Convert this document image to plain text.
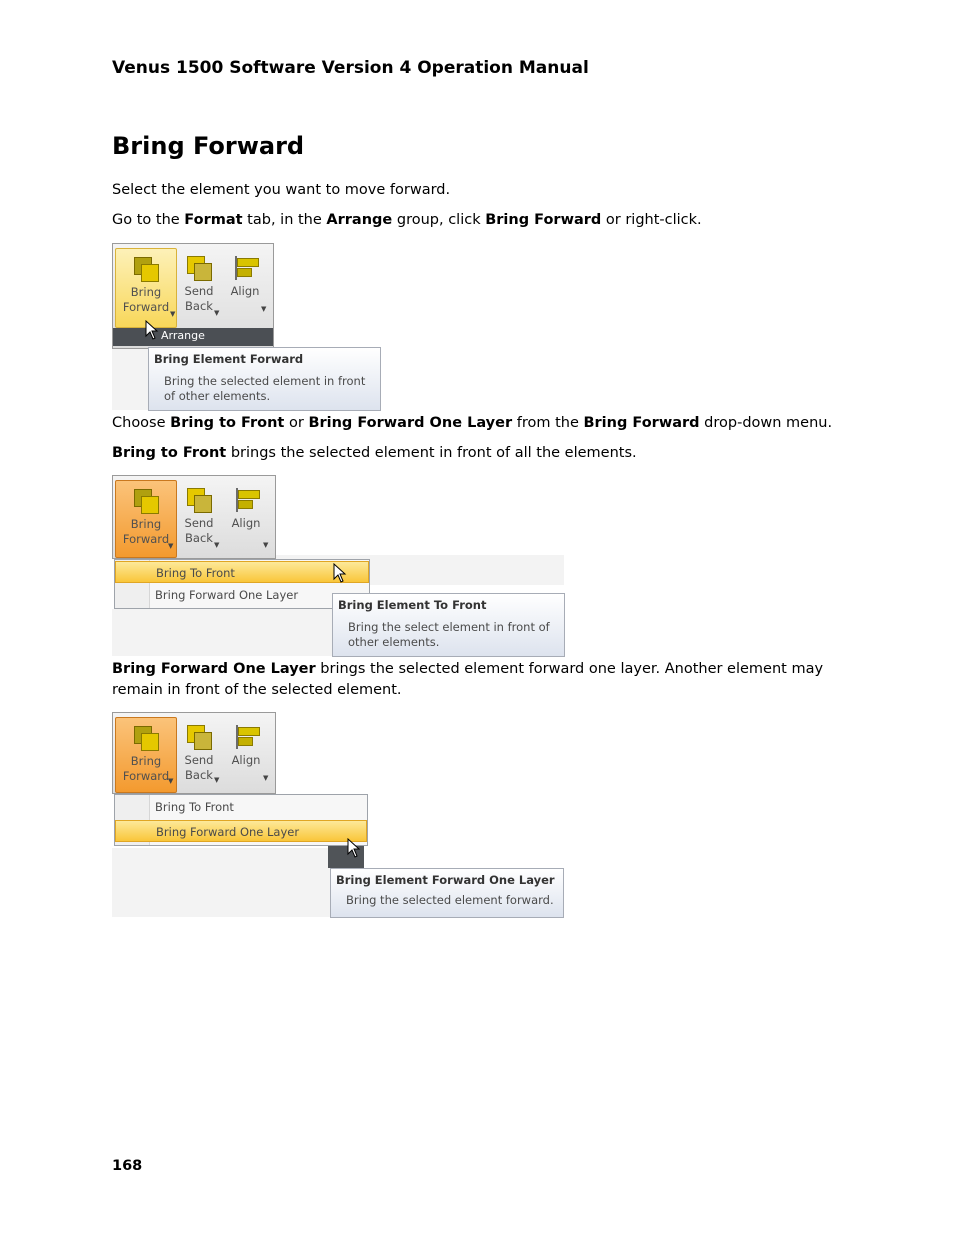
Venus 1500 Software Version 4 Operation Manual
Bring Forward
Select the element you want to move forward.
Go to the Format tab, in the Arrange group, click Bring Forward or right-click.
Bring
Forward ▼
Send
Back ▼
Align
▼
Arrange
Bring Element Forward
Bring the selected element in front of other elements.
Choose Bring to Front or Bring Forward One Layer from the Bring Forward drop-down menu.
Bring to Front brings the selected element in front of all the elements.
Bring
Forward
▼
Send
Back ▼
Align
▼
Bring To Front
Bring Forward One Layer
Bring Element To Front
Bring the select element in front of other elements.
Bring Forward One Layer brings the selected element forward one layer. Another element may remain in front of the selected element.
Bring
Forward
▼
Send
Back ▼
Align
▼
Bring To Front
Bring Forward One Layer
Bring Element Forward One Layer
Bring the selected element forward.
168
